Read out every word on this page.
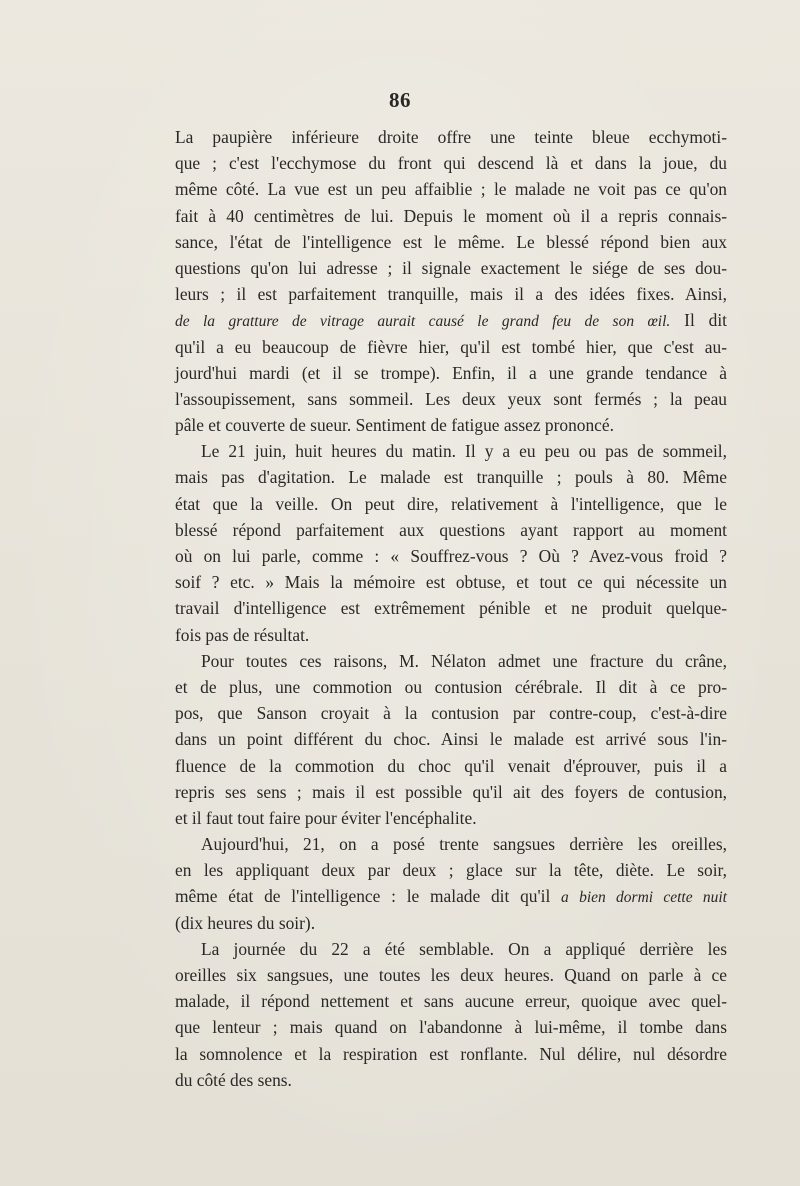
86
La paupière inférieure droite offre une teinte bleue ecchymoti-
que ; c'est l'ecchymose du front qui descend là et dans la joue, du
même côté. La vue est un peu affaiblie ; le malade ne voit pas ce qu'on
fait à 40 centimètres de lui. Depuis le moment où il a repris connais-
sance, l'état de l'intelligence est le même. Le blessé répond bien aux
questions qu'on lui adresse ; il signale exactement le siége de ses dou-
leurs ; il est parfaitement tranquille, mais il a des idées fixes. Ainsi,
de la gratture de vitrage aurait causé le grand feu de son œil. Il dit
qu'il a eu beaucoup de fièvre hier, qu'il est tombé hier, que c'est au-
jourd'hui mardi (et il se trompe). Enfin, il a une grande tendance à
l'assoupissement, sans sommeil. Les deux yeux sont fermés ; la peau
pâle et couverte de sueur. Sentiment de fatigue assez prononcé.
Le 21 juin, huit heures du matin. Il y a eu peu ou pas de sommeil,
mais pas d'agitation. Le malade est tranquille ; pouls à 80. Même
état que la veille. On peut dire, relativement à l'intelligence, que le
blessé répond parfaitement aux questions ayant rapport au moment
où on lui parle, comme : « Souffrez-vous ? Où ? Avez-vous froid ?
soif ? etc. » Mais la mémoire est obtuse, et tout ce qui nécessite un
travail d'intelligence est extrêmement pénible et ne produit quelque-
fois pas de résultat.
Pour toutes ces raisons, M. Nélaton admet une fracture du crâne,
et de plus, une commotion ou contusion cérébrale. Il dit à ce pro-
pos, que Sanson croyait à la contusion par contre-coup, c'est-à-dire
dans un point différent du choc. Ainsi le malade est arrivé sous l'in-
fluence de la commotion du choc qu'il venait d'éprouver, puis il a
repris ses sens ; mais il est possible qu'il ait des foyers de contusion,
et il faut tout faire pour éviter l'encéphalite.
Aujourd'hui, 21, on a posé trente sangsues derrière les oreilles,
en les appliquant deux par deux ; glace sur la tête, diète. Le soir,
même état de l'intelligence : le malade dit qu'il a bien dormi cette nuit
(dix heures du soir).
La journée du 22 a été semblable. On a appliqué derrière les
oreilles six sangsues, une toutes les deux heures. Quand on parle à ce
malade, il répond nettement et sans aucune erreur, quoique avec quel-
que lenteur ; mais quand on l'abandonne à lui-même, il tombe dans
la somnolence et la respiration est ronflante. Nul délire, nul désordre
du côté des sens.
